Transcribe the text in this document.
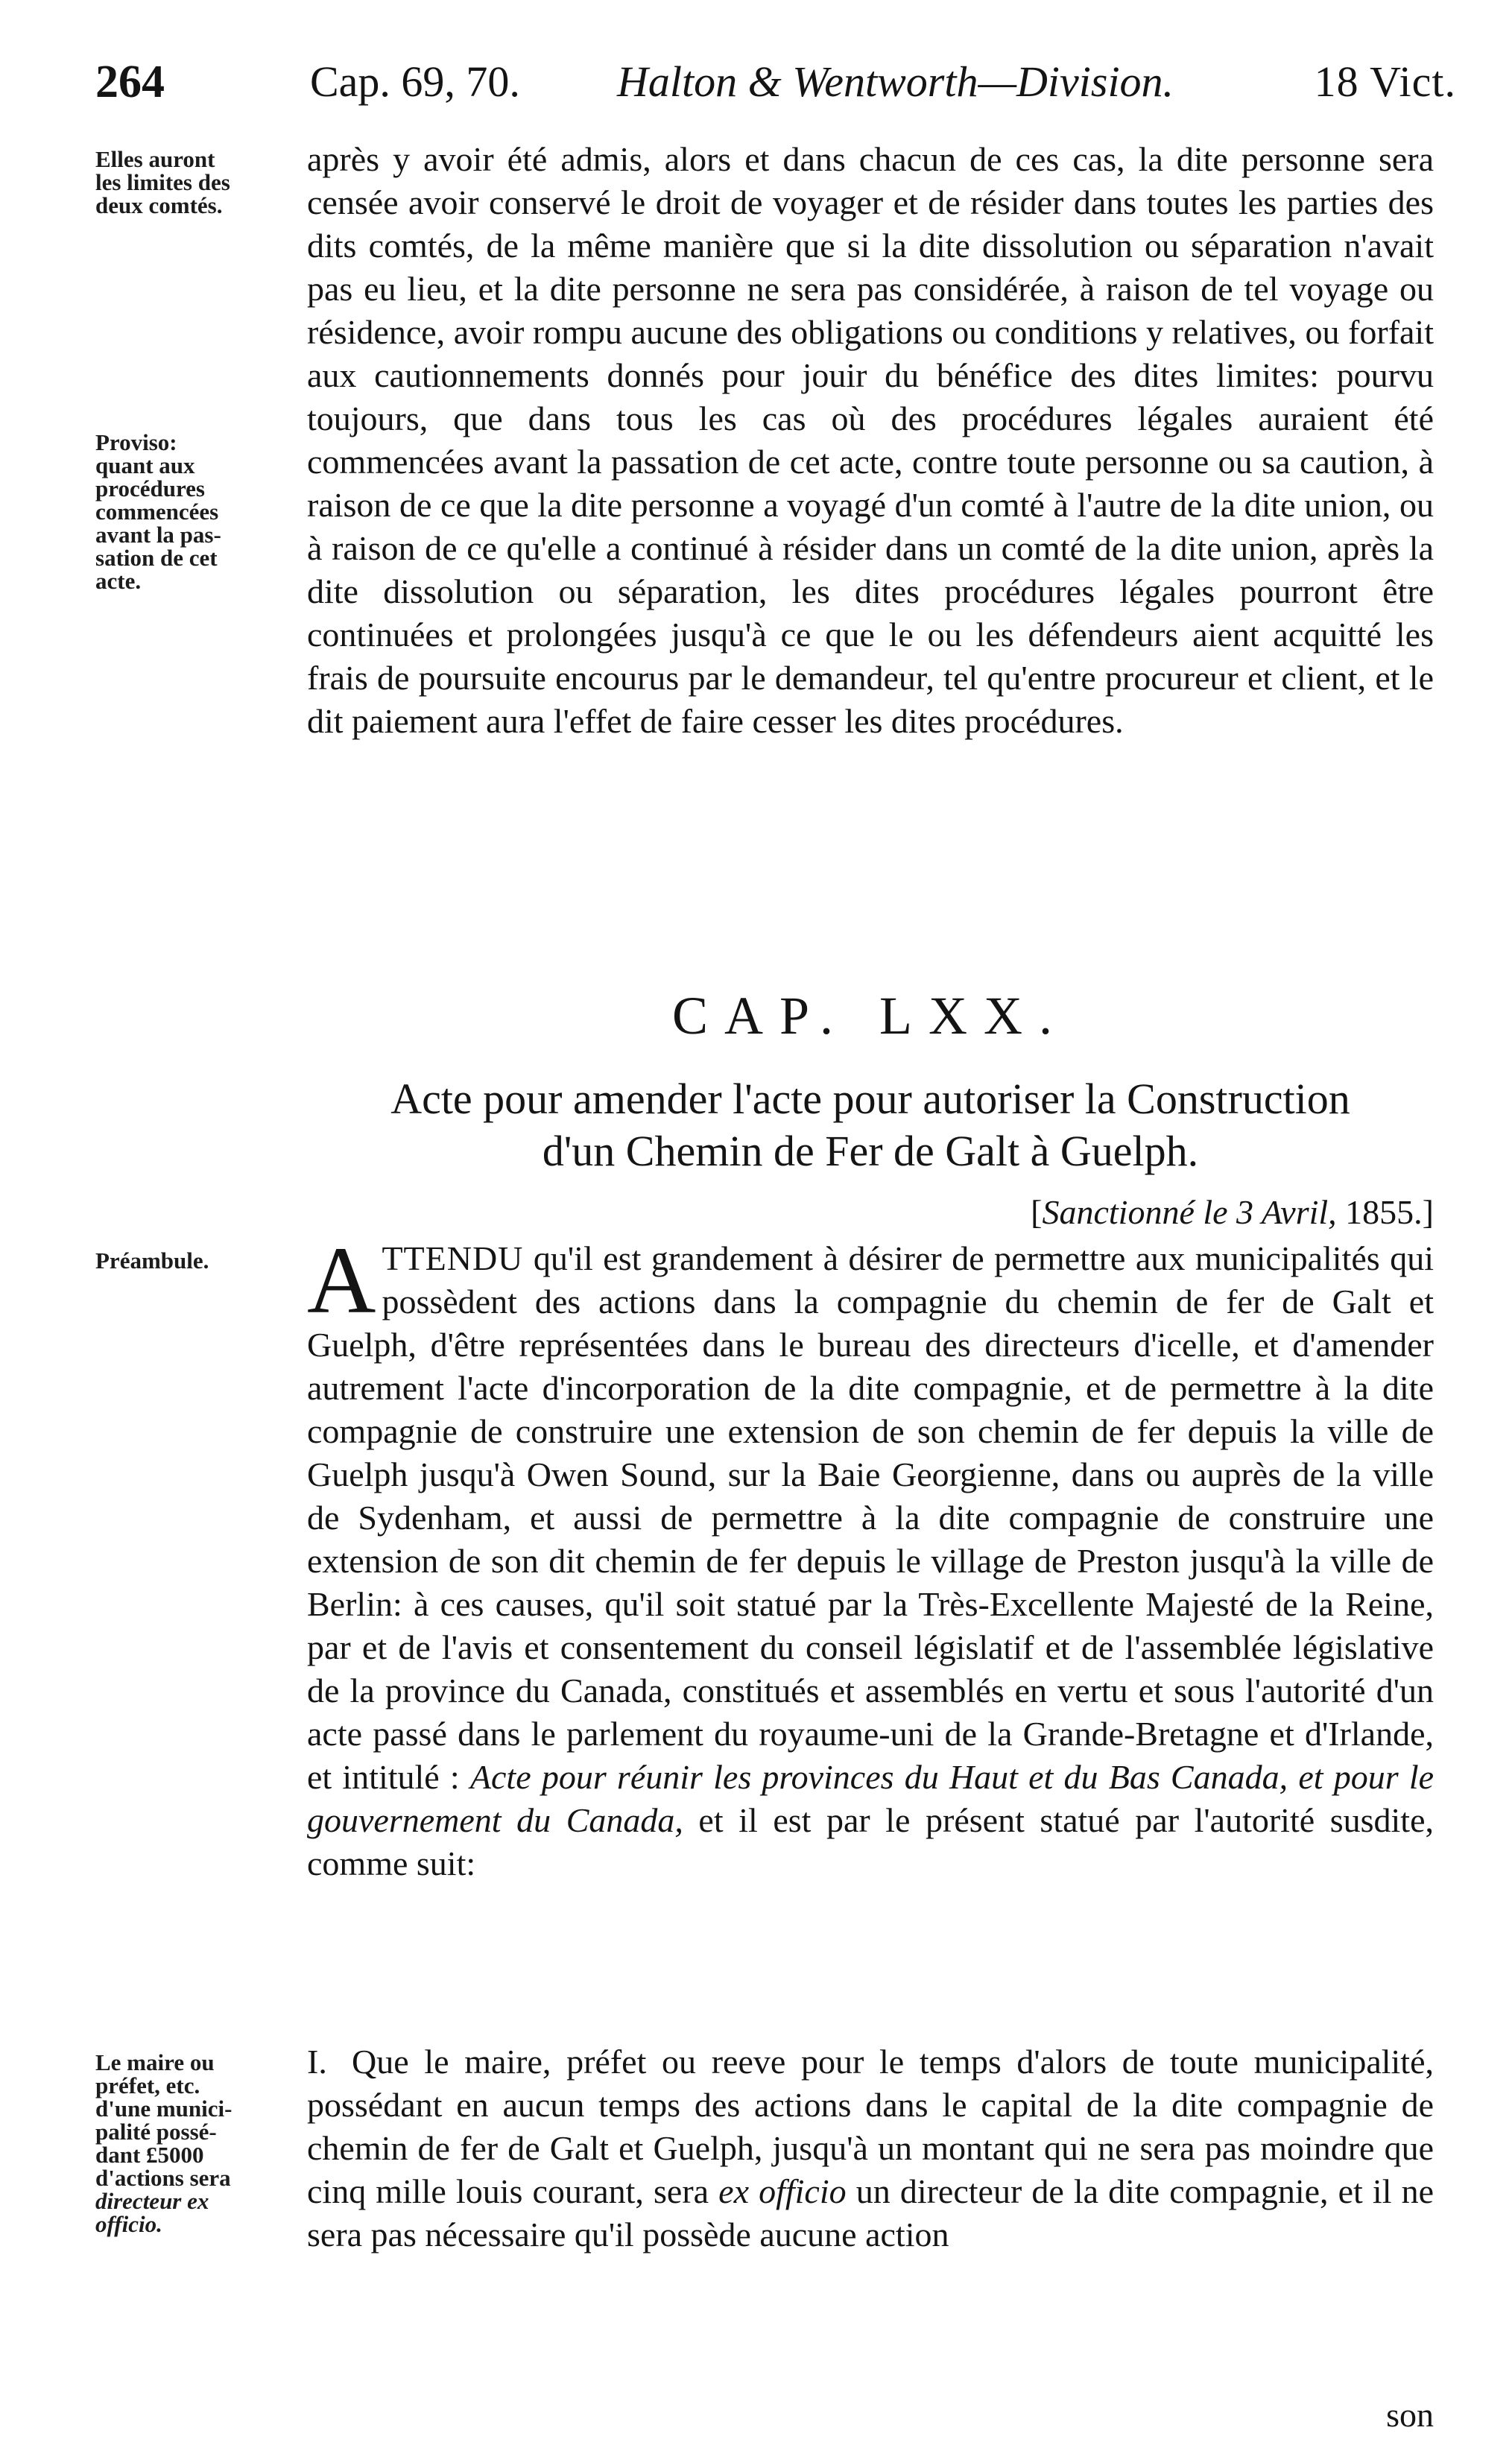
264	Cap. 69, 70. Halton & Wentworth—Division.	18 Vict.
Elles auront
les limites des
deux comtés.
Proviso:
quant aux
procédures
commencées
avant la pas-
sation de cet
acte.
Préambule.
Le maire ou
préfet, etc.
d'une munici-
palité possé-
dant £5000
d'actions sera
directeur ex
officio.

après y avoir été admis, alors et dans chacun de ces cas, la dite personne sera censée avoir conservé le droit de voyager et de résider dans toutes les parties des dits comtés, de la même manière que si la dite dissolution ou séparation n'avait pas eu lieu, et la dite personne ne sera pas considérée, à raison de tel voyage ou résidence, avoir rompu aucune des obligations ou conditions y relatives, ou forfait aux cautionnements donnés pour jouir du bénéfice des dites limites: pourvu toujours, que dans tous les cas où des procédures légales auraient été commencées avant la passation de cet acte, contre toute personne ou sa caution, à raison de ce que la dite personne a voyagé d'un comté à l'autre de la dite union, ou à raison de ce qu'elle a continué à résider dans un comté de la dite union, après la dite dissolution ou séparation, les dites procédures légales pourront être continuées et prolongées jusqu'à ce que le ou les défendeurs aient acquitté les frais de poursuite encourus par le demandeur, tel qu'entre procureur et client, et le dit paiement aura l'effet de faire cesser les dites procédures.

CAP. LXX.
Acte pour amender l'acte pour autoriser la Construction
d'un Chemin de Fer de Galt à Guelph.
[Sanctionné le 3 Avril, 1855.]

ATTENDU qu'il est grandement à désirer de permettre aux municipalités qui possèdent des actions dans la compagnie du chemin de fer de Galt et Guelph, d'être représentées dans le bureau des directeurs d'icelle, et d'amender autrement l'acte d'incorporation de la dite compagnie, et de permettre à la dite compagnie de construire une extension de son chemin de fer depuis la ville de Guelph jusqu'à Owen Sound, sur la Baie Georgienne, dans ou auprès de la ville de Sydenham, et aussi de permettre à la dite compagnie de construire une extension de son dit chemin de fer depuis le village de Preston jusqu'à la ville de Berlin: à ces causes, qu'il soit statué par la Très-Excellente Majesté de la Reine, par et de l'avis et consentement du conseil législatif et de l'assemblée législative de la province du Canada, constitués et assemblés en vertu et sous l'autorité d'un acte passé dans le parlement du royaume-uni de la Grande-Bretagne et d'Irlande, et intitulé : Acte pour réunir les provinces du Haut et du Bas Canada, et pour le gouvernement du Canada, et il est par le présent statué par l'autorité susdite, comme suit:

I. Que le maire, préfet ou reeve pour le temps d'alors de toute municipalité, possédant en aucun temps des actions dans le capital de la dite compagnie de chemin de fer de Galt et Guelph, jusqu'à un montant qui ne sera pas moindre que cinq mille louis courant, sera ex officio un directeur de la dite compagnie, et il ne sera pas nécessaire qu'il possède aucune action

son
